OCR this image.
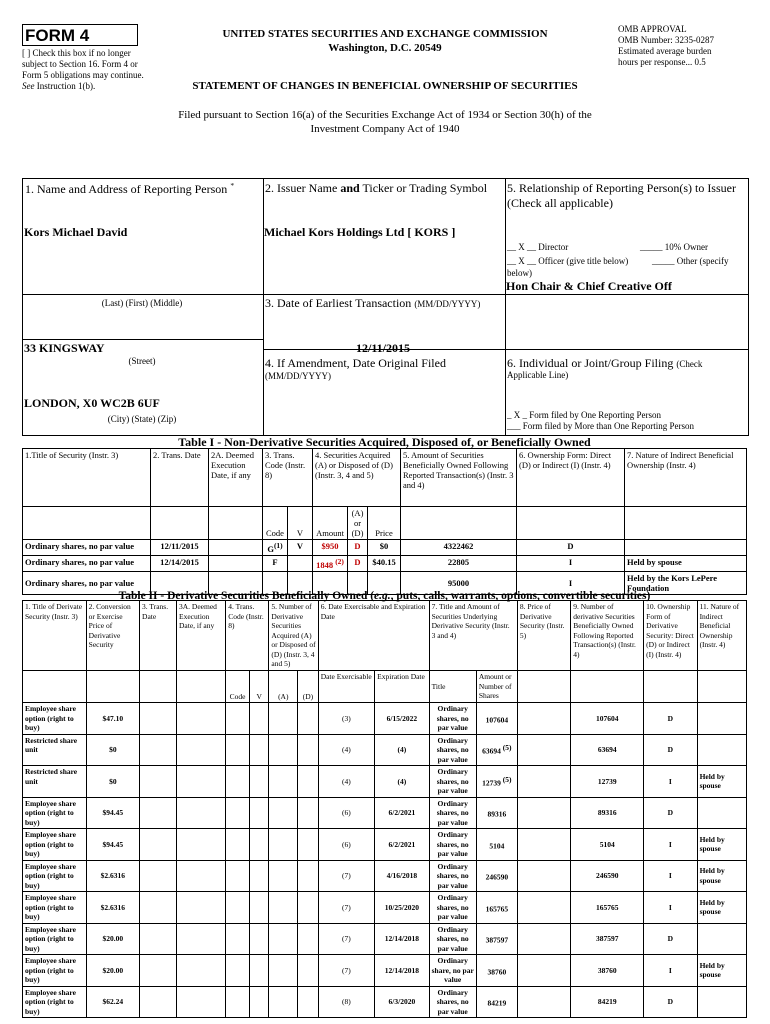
FORM 4
[ ] Check this box if no longer subject to Section 16. Form 4 or Form 5 obligations may continue. See Instruction 1(b).
UNITED STATES SECURITIES AND EXCHANGE COMMISSION
Washington, D.C. 20549
STATEMENT OF CHANGES IN BENEFICIAL OWNERSHIP OF SECURITIES
OMB APPROVAL
OMB Number: 3235-0287
Estimated average burden
hours per response... 0.5
Filed pursuant to Section 16(a) of the Securities Exchange Act of 1934 or Section 30(h) of the
Investment Company Act of 1940
1. Name and Address of Reporting Person *
Kors Michael David
(Last) (First) (Middle)
33 KINGSWAY
(Street)
LONDON, X0 WC2B 6UF
(City) (State) (Zip)
2. Issuer Name and Ticker or Trading Symbol
Michael Kors Holdings Ltd [ KORS ]
3. Date of Earliest Transaction (MM/DD/YYYY)
12/11/2015
4. If Amendment, Date Original Filed
(MM/DD/YYYY)
5. Relationship of Reporting Person(s) to Issuer
(Check all applicable)
__ X __ Director	_____ 10% Owner
__ X __ Officer (give title below)	_____ Other (specify
below)
Hon Chair & Chief Creative Off
6. Individual or Joint/Group Filing (Check
Applicable Line)
_ X _ Form filed by One Reporting Person
___ Form filed by More than One Reporting Person
Table I - Non-Derivative Securities Acquired, Disposed of, or Beneficially Owned
1.Title of Security (Instr. 3)	2. Trans. Date	2A. Deemed Execution Date, if any	3. Trans. Code (Instr. 8)		4. Securities Acquired (A) or Disposed of (D) (Instr. 3, 4 and 5)			5. Amount of Securities Beneficially Owned Following Reported Transaction(s) (Instr. 3 and 4)	6. Ownership Form: Direct (D) or Indirect (I) (Instr. 4)	7. Nature of Indirect Beneficial Ownership (Instr. 4)
			Code	V	Amount	(A) or (D)	Price			
Ordinary shares, no par value	12/11/2015		$G^{(1)}$	V	$950	D	$0	4322462	D	
Ordinary shares, no par value	12/14/2015		F		1848 $^{(2)}$	D	$40.15	22805	I	Held by spouse
Ordinary shares, no par value								95000	I	Held by the Kors LePere Foundation
Table II - Derivative Securities Beneficially Owned (e.g., puts, calls, warrants, options, convertible securities)
1. Title of Derivate Security (Instr. 3)	2. Conversion or Exercise Price of Derivative Security	3. Trans. Date	3A. Deemed Execution Date, if any	4. Trans. Code (Instr. 8)		5. Number of Derivative Securities Acquired (A) or Disposed of (D) (Instr. 3, 4 and 5)		6. Date Exercisable and Expiration Date		7. Title and Amount of Securities Underlying Derivative Security (Instr. 3 and 4)		8. Price of Derivative Security (Instr. 5)	9. Number of derivative Securities Beneficially Owned Following Reported Transaction(s) (Instr. 4)	10. Ownership Form of Derivative Security: Direct (D) or Indirect (I) (Instr. 4)	11. Nature of Indirect Beneficial Ownership (Instr. 4)
				Code	V	(A)	(D)	Date Exercisable	Expiration Date	Title	Amount or Number of Shares				
Employee share option (right to buy)	$47.10							(3)	6/15/2022	Ordinary shares, no par value	107604		107604	D	
Restricted share unit	$0							(4)	(4)	Ordinary shares, no par value	63694 $^{(5)}$		63694	D	
Restricted share unit	$0							(4)	(4)	Ordinary shares, no par value	12739 $^{(5)}$		12739	I	Held by spouse
Employee share option (right to buy)	$94.45							(6)	6/2/2021	Ordinary shares, no par value	89316		89316	D	
Employee share option (right to buy)	$94.45							(6)	6/2/2021	Ordinary shares, no par value	5104		5104	I	Held by spouse
Employee share option (right to buy)	$2.6316							(7)	4/16/2018	Ordinary shares, no par value	246590		246590	I	Held by spouse
Employee share option (right to buy)	$2.6316							(7)	10/25/2020	Ordinary shares, no par value	165765		165765	I	Held by spouse
Employee share option (right to buy)	$20.00							(7)	12/14/2018	Ordinary shares, no par value	387597		387597	D	
Employee share option (right to buy)	$20.00							(7)	12/14/2018	Ordinary share, no par value	38760		38760	I	Held by spouse
Employee share option (right to buy)	$62.24							(8)	6/3/2020	Ordinary shares, no par value	84219		84219	D	
